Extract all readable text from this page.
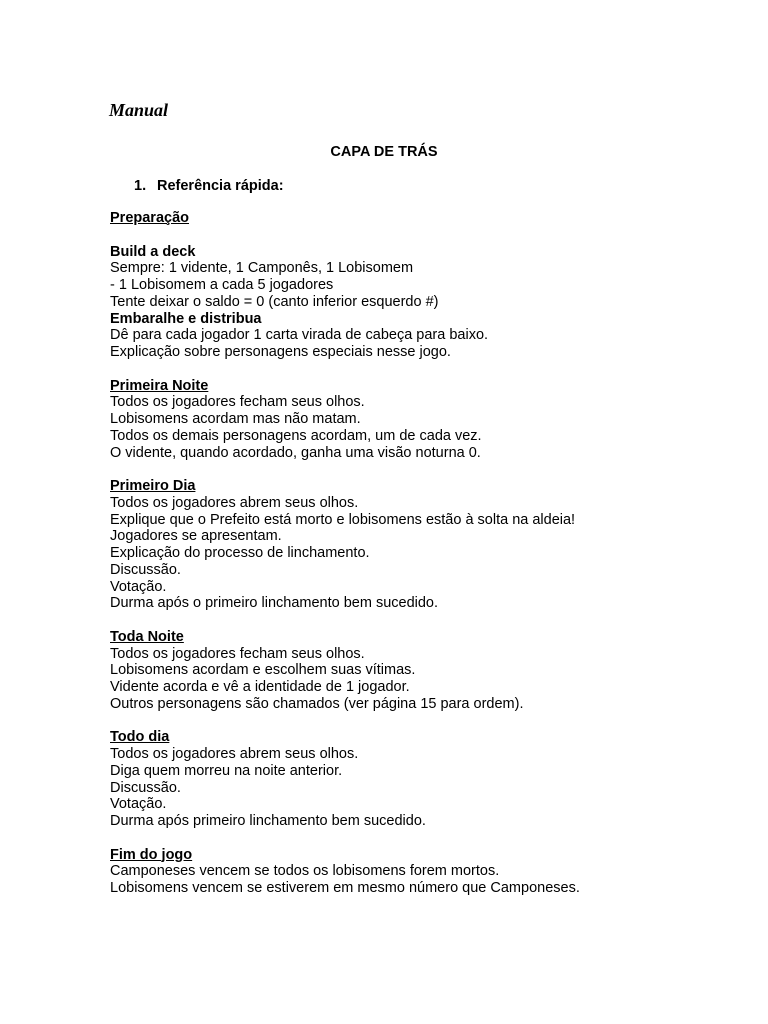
Manual

CAPA DE TRÁS

1. Referência rápida:

Preparação
Build a deck
Sempre: 1 vidente, 1 Camponês, 1 Lobisomem
- 1 Lobisomem a cada 5 jogadores
Tente deixar o saldo = 0 (canto inferior esquerdo #)
Embaralhe e distribua
Dê para cada jogador 1 carta virada de cabeça para baixo.
Explicação sobre personagens especiais nesse jogo.
Primeira Noite
Todos os jogadores fecham seus olhos.
Lobisomens acordam mas não matam.
Todos os demais personagens acordam, um de cada vez.
O vidente, quando acordado, ganha uma visão noturna 0.
Primeiro Dia
Todos os jogadores abrem seus olhos.
Explique que o Prefeito está morto e lobisomens estão à solta na aldeia!
Jogadores se apresentam.
Explicação do processo de linchamento.
Discussão.
Votação.
Durma após o primeiro linchamento bem sucedido.
Toda Noite
Todos os jogadores fecham seus olhos.
Lobisomens acordam e escolhem suas vítimas.
Vidente acorda e vê a identidade de 1 jogador.
Outros personagens são chamados (ver página 15 para ordem).
Todo dia
Todos os jogadores abrem seus olhos.
Diga quem morreu na noite anterior.
Discussão.
Votação.
Durma após primeiro linchamento bem sucedido.
Fim do jogo
Camponeses vencem se todos os lobisomens forem mortos.
Lobisomens vencem se estiverem em mesmo número que Camponeses.
